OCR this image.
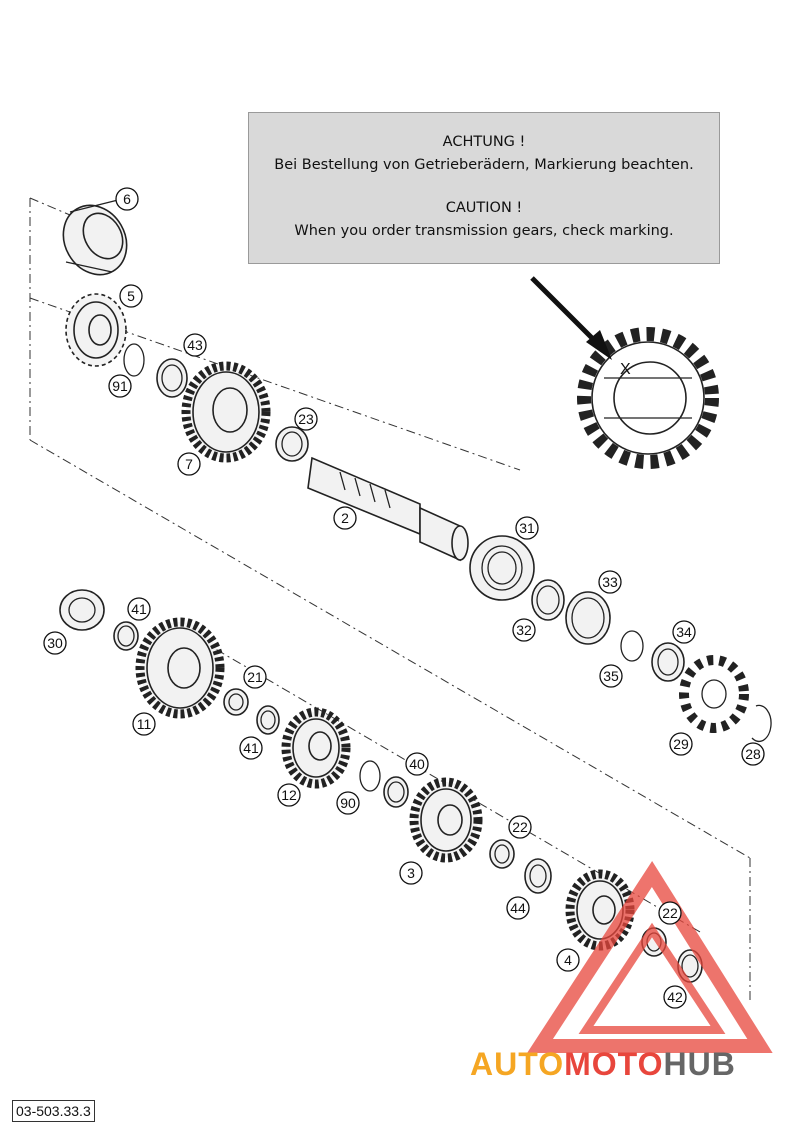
X
6
5
43
91
7
23
2
31
33
32	34
35
29
28
41
30
11
21
41
12
40
90
3
22
44	22
4
42
ACHTUNG !
Bei Bestellung von Getrieberädern, Markierung beachten.
CAUTION !
When you order transmission gears, check marking.
AUTOMOTOHUB
03-503.33.3
